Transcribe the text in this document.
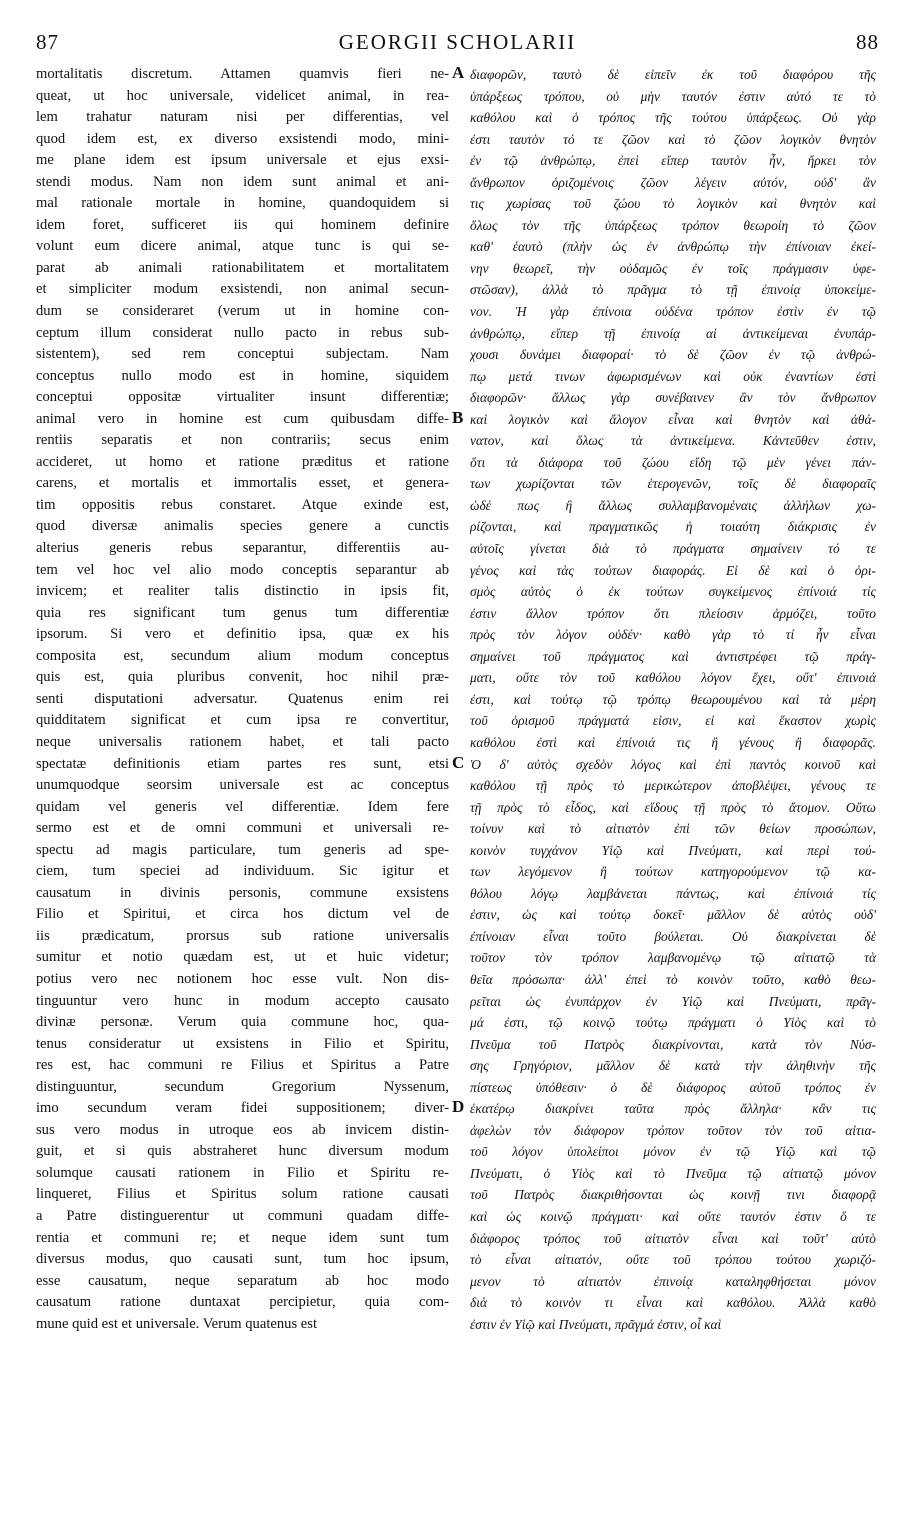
87	GEORGII SCHOLARII	88
mortalitatis discretum. Attamen quamvis fieri ne-
queat, ut hoc universale, videlicet animal, in rea-
lem trahatur naturam nisi per differentias, vel
quod idem est, ex diverso exsistendi modo, mini-
me plane idem est ipsum universale et ejus exsi-
stendi modus. Nam non idem sunt animal et ani-
mal rationale mortale in homine, quandoquidem si
idem foret, sufficeret iis qui hominem definire
volunt eum dicere animal, atque tunc is qui se-
parat ab animali rationabilitatem et mortalitatem
et simpliciter modum exsistendi, non animal secun-
dum se consideraret (verum ut in homine con-
ceptum illum considerat nullo pacto in rebus sub-
sistentem), sed rem conceptui subjectam. Nam
conceptus nullo modo est in homine, siquidem
conceptui oppositæ virtualiter insunt differentiæ;
animal vero in homine est cum quibusdam diffe-
rentiis separatis et non contrariis; secus enim
accideret, ut homo et ratione præditus et ratione
carens, et mortalis et immortalis esset, et genera-
tim oppositis rebus constaret. Atque exinde est,
quod diversæ animalis species genere a cunctis
alterius generis rebus separantur, differentiis au-
tem vel hoc vel alio modo conceptis separantur ab
invicem; et realiter talis distinctio in ipsis fit,
quia res significant tum genus tum differentiæ
ipsorum. Si vero et definitio ipsa, quæ ex his
composita est, secundum alium modum conceptus
quis est, quia pluribus convenit, hoc nihil præ-
senti disputationi adversatur. Quatenus enim rei
quidditatem significat et cum ipsa re convertitur,
neque universalis rationem habet, et tali pacto
spectatæ definitionis etiam partes res sunt, etsi
unumquodque seorsim universale est ac conceptus
quidam vel generis vel differentiæ. Idem fere
sermo est et de omni communi et universali re-
spectu ad magis particulare, tum generis ad spe-
ciem, tum speciei ad individuum. Sic igitur et
causatum in divinis personis, commune exsistens
Filio et Spiritui, et circa hos dictum vel de
iis prædicatum, prorsus sub ratione universalis
sumitur et notio quædam est, ut et huic videtur;
potius vero nec notionem hoc esse vult. Non dis-
tinguuntur vero hunc in modum accepto causato
divinæ personæ. Verum quia commune hoc, qua-
tenus consideratur ut exsistens in Filio et Spiritu,
res est, hac communi re Filius et Spiritus a Patre
distinguuntur, secundum Gregorium Nyssenum,
imo secundum veram fidei suppositionem; diver-
sus vero modus in utroque eos ab invicem distin-
guit, et si quis abstraheret hunc diversum modum
solumque causati rationem in Filio et Spiritu re-
linqueret, Filius et Spiritus solum ratione causati
a Patre distinguerentur ut communi quadam diffe-
rentia et communi re; et neque idem sunt tum
diversus modus, quo causati sunt, tum hoc ipsum,
esse causatum, neque separatum ab hoc modo
causatum ratione duntaxat percipietur, quia com-
mune quid est et universale. Verum quatenus est
διαφορῶν, ταυτὸ δὲ εἰπεῖν ἐκ τοῦ διαφόρου τῆς
ὑπάρξεως τρόπου, οὐ μὴν ταυτόν ἐστιν αὐτό τε τὸ
καθόλου καὶ ὁ τρόπος τῆς τούτου ὑπάρξεως. Οὐ γὰρ
ἐστι ταυτὸν τό τε ζῶον καὶ τὸ ζῶον λογικὸν θνητὸν
ἐν τῷ ἀνθρώπῳ, ἐπεὶ εἴπερ ταυτὸν ἦν, ἤρκει τὸν
ἄνθρωπον ὁριζομένοις ζῶον λέγειν αὐτόν, οὐδ' ἂν
τις χωρίσας τοῦ ζώου τὸ λογικὸν καὶ θνητὸν καὶ
ὅλως τὸν τῆς ὑπάρξεως τρόπον θεωροίη τὸ ζῶον
καθ' ἑαυτὸ (πλὴν ὡς ἐν ἀνθρώπῳ τὴν ἐπίνοιαν ἐκεί-
νην θεωρεῖ, τὴν οὐδαμῶς ἐν τοῖς πράγμασιν ὑφε-
στῶσαν), ἀλλὰ τὸ πρᾶγμα τὸ τῇ ἐπινοίᾳ ὑποκείμε-
νον. Ἡ γὰρ ἐπίνοια οὐδένα τρόπον ἐστὶν ἐν τῷ
ἀνθρώπῳ, εἴπερ τῇ ἐπινοίᾳ αἱ ἀντικείμεναι ἐνυπάρ-
χουσι δυνάμει διαφοραί· τὸ δὲ ζῶον ἐν τῷ ἀνθρώ-
πῳ μετά τινων ἀφωρισμένων καὶ οὐκ ἐναντίων ἐστὶ
διαφορῶν· ἄλλως γὰρ συνέβαινεν ἂν τὸν ἄνθρωπον
καὶ λογικὸν καὶ ἄλογον εἶναι καὶ θνητὸν καὶ ἀθά-
νατον, καὶ ὅλως τὰ ἀντικείμενα. Κἀντεῦθεν ἐστιν,
ὅτι τὰ διάφορα τοῦ ζώου εἴδη τῷ μὲν γένει πάν-
των χωρίζονται τῶν ἑτερογενῶν, τοῖς δὲ διαφοραῖς
ὡδέ πως ἢ ἄλλως συλλαμβανομέναις ἀλλήλων χω-
ρίζονται, καὶ πραγματικῶς ἡ τοιαύτη διάκρισις ἐν
αὐτοῖς γίνεται διὰ τὸ πράγματα σημαίνειν τό τε
γένος καὶ τὰς τούτων διαφοράς. Εἰ δὲ καὶ ὁ ὁρι-
σμὸς αὐτὸς ὁ ἐκ τούτων συγκείμενος ἐπίνοιά τίς
ἐστιν ἄλλον τρόπον ὅτι πλείοσιν ἁρμόζει, τοῦτο
πρὸς τὸν λόγον οὐδέν· καθὸ γὰρ τὸ τί ἦν εἶναι
σημαίνει τοῦ πράγματος καὶ ἀντιστρέφει τῷ πράγ-
ματι, οὔτε τὸν τοῦ καθόλου λόγον ἔχει, οὔτ' ἐπινοιά
ἐστι, καὶ τούτῳ τῷ τρόπῳ θεωρουμένου καὶ τὰ μέρη
τοῦ ὁρισμοῦ πράγματά εἰσιν, εἰ καὶ ἕκαστον χωρὶς
καθόλου ἐστὶ καὶ ἐπίνοιά τις ἢ γένους ἢ διαφορᾶς.
Ὁ δ' αὐτὸς σχεδὸν λόγος καὶ ἐπὶ παντὸς κοινοῦ καὶ
καθόλου τῇ πρὸς τὸ μερικώτερον ἀποβλέψει, γένους τε
τῇ πρὸς τὸ εἶδος, καὶ εἴδους τῇ πρὸς τὸ ἄτομον. Οὕτω
τοίνυν καὶ τὸ αἰτιατὸν ἐπὶ τῶν θείων προσώπων,
κοινὸν τυγχάνον Υἱῷ καὶ Πνεύματι, καὶ περὶ τού-
των λεγόμενον ἢ τούτων κατηγορούμενον τῷ κα-
θόλου λόγῳ λαμβάνεται πάντως, καὶ ἐπίνοιά τίς
ἐστιν, ὡς καὶ τούτῳ δοκεῖ· μᾶλλον δὲ αὐτὸς οὐδ'
ἐπίνοιαν εἶναι τοῦτο βούλεται. Οὐ διακρίνεται δὲ
τοῦτον τὸν τρόπον λαμβανομένῳ τῷ αἰτιατῷ τὰ
θεῖα πρόσωπα· ἀλλ' ἐπεὶ τὸ κοινὸν τοῦτο, καθὸ θεω-
ρεῖται ὡς ἐνυπάρχον ἐν Υἱῷ καὶ Πνεύματι, πρᾶγ-
μά ἐστι, τῷ κοινῷ τούτῳ πράγματι ὁ Υἱὸς καὶ τὸ
Πνεῦμα τοῦ Πατρὸς διακρίνονται, κατὰ τὸν Νύσ-
σης Γρηγόριον, μᾶλλον δὲ κατὰ τὴν ἀληθινὴν τῆς
πίστεως ὑπόθεσιν· ὁ δὲ διάφορος αὐτοῦ τρόπος ἐν
ἑκατέρῳ διακρίνει ταῦτα πρὸς ἄλληλα· κἂν τις
ἀφελὼν τὸν διάφορον τρόπον τοῦτον τὸν τοῦ αἰτια-
τοῦ λόγον ὑπολείποι μόνον ἐν τῷ Υἱῷ καὶ τῷ
Πνεύματι, ὁ Υἱὸς καὶ τὸ Πνεῦμα τῷ αἰτιατῷ μόνον
τοῦ Πατρὸς διακριθήσονται ὡς κοινῇ τινι διαφορᾷ
καὶ ὡς κοινῷ πράγματι· καὶ οὔτε ταυτόν ἐστιν ὅ τε
διάφορος τρόπος τοῦ αἰτιατὸν εἶναι καὶ τοῦτ' αὐτὸ
τὸ εἶναι αἰτιατόν, οὔτε τοῦ τρόπου τούτου χωριζό-
μενον τὸ αἰτιατὸν ἐπινοίᾳ καταληφθήσεται μόνον
διὰ τὸ κοινὸν τι εἶναι καὶ καθόλου. Ἀλλὰ καθὸ
ἐστιν ἐν Υἱῷ καὶ Πνεύματι, πρᾶγμά ἐστιν, οἷ καὶ
A
B
C
D
